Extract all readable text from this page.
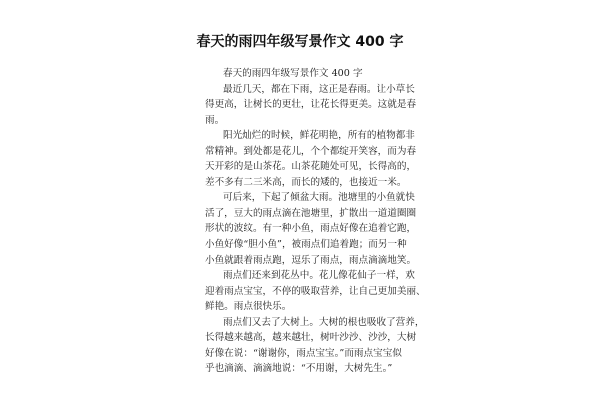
春天的雨四年级写景作文 400 字
春天的雨四年级写景作文 400 字
最近几天，都在下雨，这正是春雨。让小草长
得更高，让树长的更壮，让花长得更美。这就是春
雨。
阳光灿烂的时候，鲜花明艳，所有的植物都非
常精神。到处都是花儿，个个都绽开笑容，而为春
天开彩的是山茶花。山茶花随处可见，长得高的，
差不多有二三米高，而长的矮的，也接近一米。
可后来，下起了倾盆大雨。池塘里的小鱼就快
活了，豆大的雨点滴在池塘里，扩散出一道道圈圈
形状的波纹。有一种小鱼，雨点好像在追着它跑，
小鱼好像“胆小鱼”，被雨点们追着跑；而另一种
小鱼就跟着雨点跑，逗乐了雨点，雨点滴滴地笑。
雨点们还来到花丛中。花儿像花仙子一样，欢
迎着雨点宝宝，不停的吸取营养，让自己更加美丽、
鲜艳。雨点很快乐。
雨点们又去了大树上。大树的根也吸收了营养，
长得越来越高，越来越壮，树叶沙沙、沙沙，大树
好像在说：“谢谢你，雨点宝宝。”而雨点宝宝似
乎也滴滴、滴滴地说：“不用谢，大树先生。”
